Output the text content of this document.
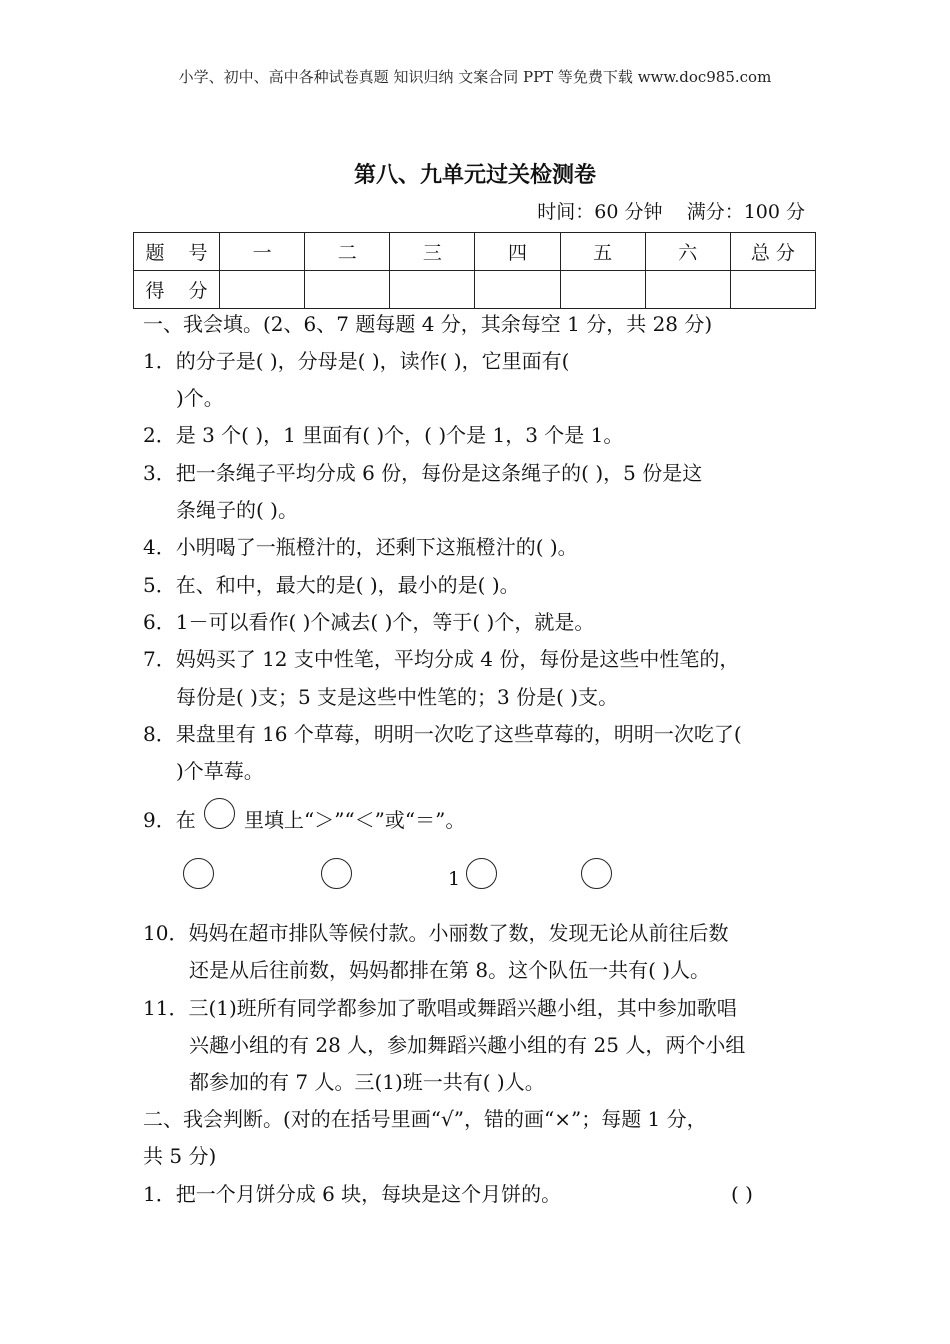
小学、初中、高中各种试卷真题 知识归纳 文案合同 PPT 等免费下载 www.doc985.com
第八、九单元过关检测卷
时间：60 分钟 满分：100 分
题 号	一	二	三	四	五	六	总 分
得 分							
一、我会填。(2、6、7 题每题 4 分，其余每空 1 分，共 28 分)
1．的分子是( )，分母是( )，读作( )，它里面有(
)个。
2．是 3 个( )，1 里面有( )个，( )个是 1，3 个是 1。
3．把一条绳子平均分成 6 份，每份是这条绳子的( )，5 份是这
条绳子的( )。
4．小明喝了一瓶橙汁的，还剩下这瓶橙汁的( )。
5．在、和中，最大的是( )，最小的是( )。
6．1－可以看作( )个减去( )个，等于( )个，就是。
7．妈妈买了 12 支中性笔，平均分成 4 份，每份是这些中性笔的，
每份是( )支；5 支是这些中性笔的；3 份是( )支。
8．果盘里有 16 个草莓，明明一次吃了这些草莓的，明明一次吃了(
)个草莓。
9．在 里填上“＞”“＜”或“＝”。
1
10．妈妈在超市排队等候付款。小丽数了数，发现无论从前往后数
还是从后往前数，妈妈都排在第 8。这个队伍一共有( )人。
11．三(1)班所有同学都参加了歌唱或舞蹈兴趣小组，其中参加歌唱
兴趣小组的有 28 人，参加舞蹈兴趣小组的有 25 人，两个小组
都参加的有 7 人。三(1)班一共有( )人。
二、我会判断。(对的在括号里画“√”，错的画“×”；每题 1 分，
共 5 分)
1．把一个月饼分成 6 块，每块是这个月饼的。	( )
